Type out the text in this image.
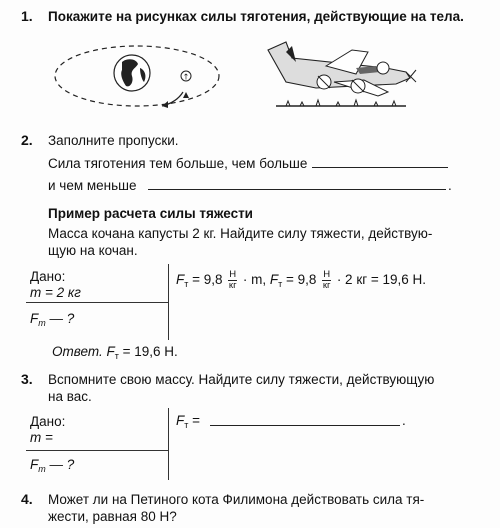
1. Покажите на рисунках силы тяготения, действующие на тела.
↑
2. Заполните пропуски.
Сила тяготения тем больше, чем больше
и чем меньше	.
Пример расчета силы тяжести
Масса кочана капусты 2 кг. Найдите силу тяжести, действую-
щую на кочан.
Дано:
m = 2 кг
$F_т$ — ?
$F_т = 9,8 \frac{Н}{кг} \cdot m$, $F_т = 9,8 \frac{Н}{кг} \cdot 2$ кг = 19,6 Н.
Ответ. $F_т = 19,6$ Н.
3. Вспомните свою массу. Найдите силу тяжести, действующую
на вас.
Дано:
m =
$F_т$ — ?
$F_т$ =	.
4. Может ли на Петиного кота Филимона действовать сила тя-
жести, равная 80 Н?
